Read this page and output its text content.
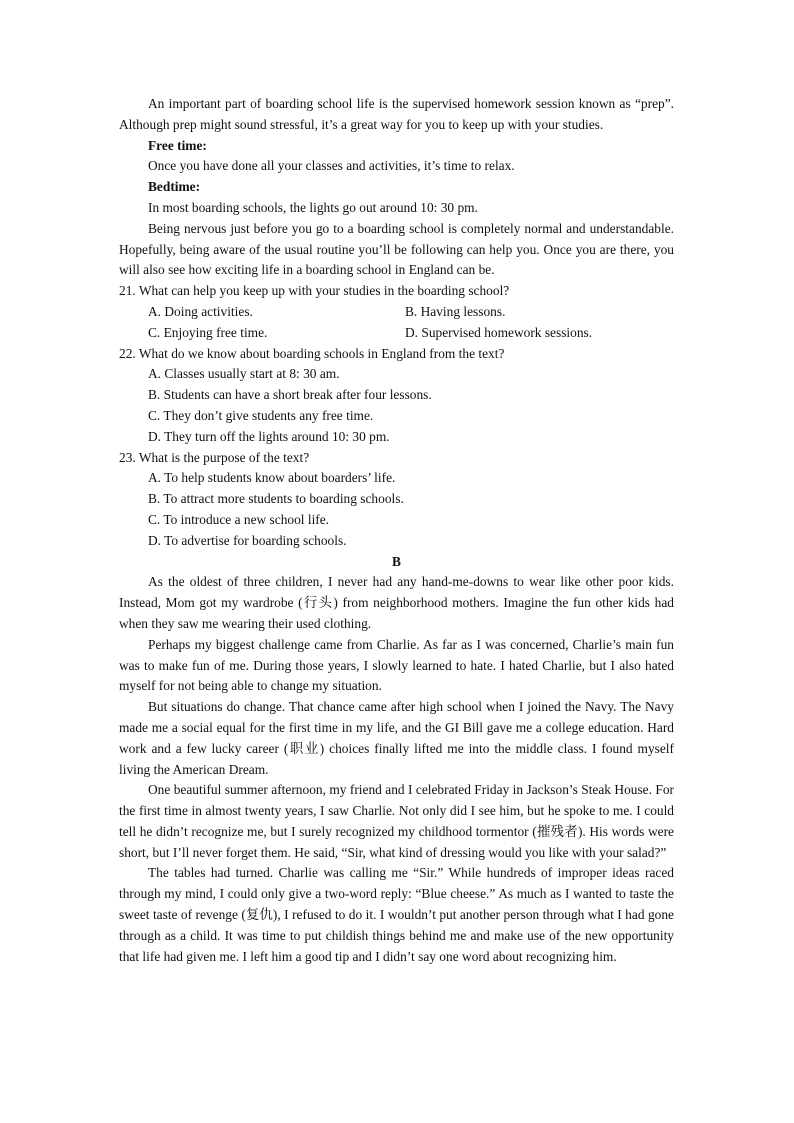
An important part of boarding school life is the supervised homework session known as “prep”. Although prep might sound stressful, it’s a great way for you to keep up with your studies.

Free time:

Once you have done all your classes and activities, it’s time to relax.

Bedtime:

In most boarding schools, the lights go out around 10: 30 pm.

Being nervous just before you go to a boarding school is completely normal and understandable. Hopefully, being aware of the usual routine you’ll be following can help you. Once you are there, you will also see how exciting life in a boarding school in England can be.

21. What can help you keep up with your studies in the boarding school?

A. Doing activities.	B. Having lessons.
C. Enjoying free time.	D. Supervised homework sessions.

22. What do we know about boarding schools in England from the text?

A. Classes usually start at 8: 30 am.

B. Students can have a short break after four lessons.

C. They don’t give students any free time.

D. They turn off the lights around 10: 30 pm.

23. What is the purpose of the text?

A. To help students know about boarders’ life.

B. To attract more students to boarding schools.

C. To introduce a new school life.

D. To advertise for boarding schools.

B

As the oldest of three children, I never had any hand-me-downs to wear like other poor kids. Instead, Mom got my wardrobe (行头) from neighborhood mothers. Imagine the fun other kids had when they saw me wearing their used clothing.

Perhaps my biggest challenge came from Charlie. As far as I was concerned, Charlie’s main fun was to make fun of me. During those years, I slowly learned to hate. I hated Charlie, but I also hated myself for not being able to change my situation.

But situations do change. That chance came after high school when I joined the Navy. The Navy made me a social equal for the first time in my life, and the GI Bill gave me a college education. Hard work and a few lucky career (职业) choices finally lifted me into the middle class. I found myself living the American Dream.

One beautiful summer afternoon, my friend and I celebrated Friday in Jackson’s Steak House. For the first time in almost twenty years, I saw Charlie. Not only did I see him, but he spoke to me. I could tell he didn’t recognize me, but I surely recognized my childhood tormentor (摧残者). His words were short, but I’ll never forget them. He said, “Sir, what kind of dressing would you like with your salad?”

The tables had turned. Charlie was calling me “Sir.” While hundreds of improper ideas raced through my mind, I could only give a two-word reply: “Blue cheese.” As much as I wanted to taste the sweet taste of revenge (复仇), I refused to do it. I wouldn’t put another person through what I had gone through as a child. It was time to put childish things behind me and make use of the new opportunity that life had given me. I left him a good tip and I didn’t say one word about recognizing him.
